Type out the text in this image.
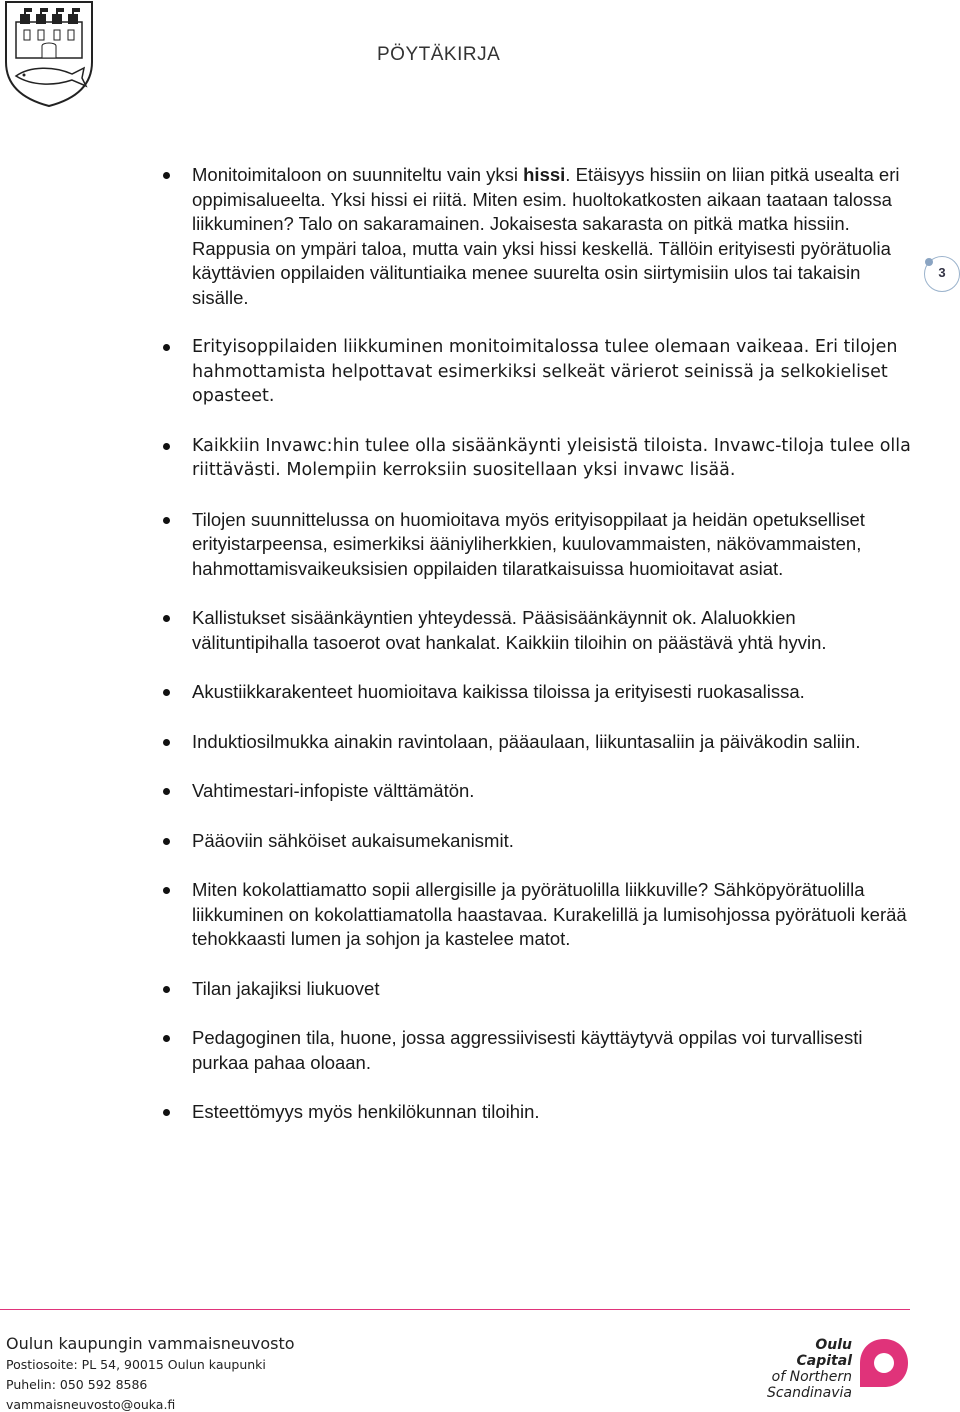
PÖYTÄKIRJA
3
Monitoimitaloon on suunniteltu vain yksi hissi. Etäisyys hissiin on liian pitkä usealta eri oppimisalueelta. Yksi hissi ei riitä. Miten esim. huoltokatkosten aikaan taataan talossa liikkuminen? Talo on sakaramainen. Jokaisesta sakarasta on pitkä matka hissiin. Rappusia on ympäri taloa, mutta vain yksi hissi keskellä. Tällöin erityisesti pyörätuolia käyttävien oppilaiden välituntiaika menee suurelta osin siirtymisiin ulos tai takaisin sisälle.
Erityisoppilaiden liikkuminen monitoimitalossa tulee olemaan vaikeaa. Eri tilojen hahmottamista helpottavat esimerkiksi selkeät värierot seinissä ja selkokieliset opasteet.
Kaikkiin Invawc:hin tulee olla sisäänkäynti yleisistä tiloista. Invawc-tiloja tulee olla riittävästi. Molempiin kerroksiin suositellaan yksi invawc lisää.
Tilojen suunnittelussa on huomioitava myös erityisoppilaat ja heidän opetukselliset erityistarpeensa, esimerkiksi ääniyliherkkien, kuulovammaisten, näkövammaisten, hahmottamisvaikeuksisien oppilaiden tilaratkaisuissa huomioitavat asiat.
Kallistukset sisäänkäyntien yhteydessä. Pääsisäänkäynnit ok. Alaluokkien välituntipihalla tasoerot ovat hankalat. Kaikkiin tiloihin on päästävä yhtä hyvin.
Akustiikkarakenteet huomioitava kaikissa tiloissa ja erityisesti ruokasalissa.
Induktiosilmukka ainakin ravintolaan, pääaulaan, liikuntasaliin ja päiväkodin saliin.
Vahtimestari-infopiste välttämätön.
Pääoviin sähköiset aukaisumekanismit.
Miten kokolattiamatto sopii allergisille ja pyörätuolilla liikkuville? Sähköpyörätuolilla liikkuminen on kokolattiamatolla haastavaa. Kurakelillä ja lumisohjossa pyörätuoli kerää tehokkaasti lumen ja sohjon ja kastelee matot.
Tilan jakajiksi liukuovet
Pedagoginen tila, huone, jossa aggressiivisesti käyttäytyvä oppilas voi turvallisesti purkaa pahaa oloaan.
Esteettömyys myös henkilökunnan tiloihin.
Oulun kaupungin vammaisneuvosto
Postiosoite: PL 54, 90015 Oulun kaupunki
Puhelin: 050 592 8586
vammaisneuvosto@ouka.fi
Oulu Capital
of Northern
Scandinavia
